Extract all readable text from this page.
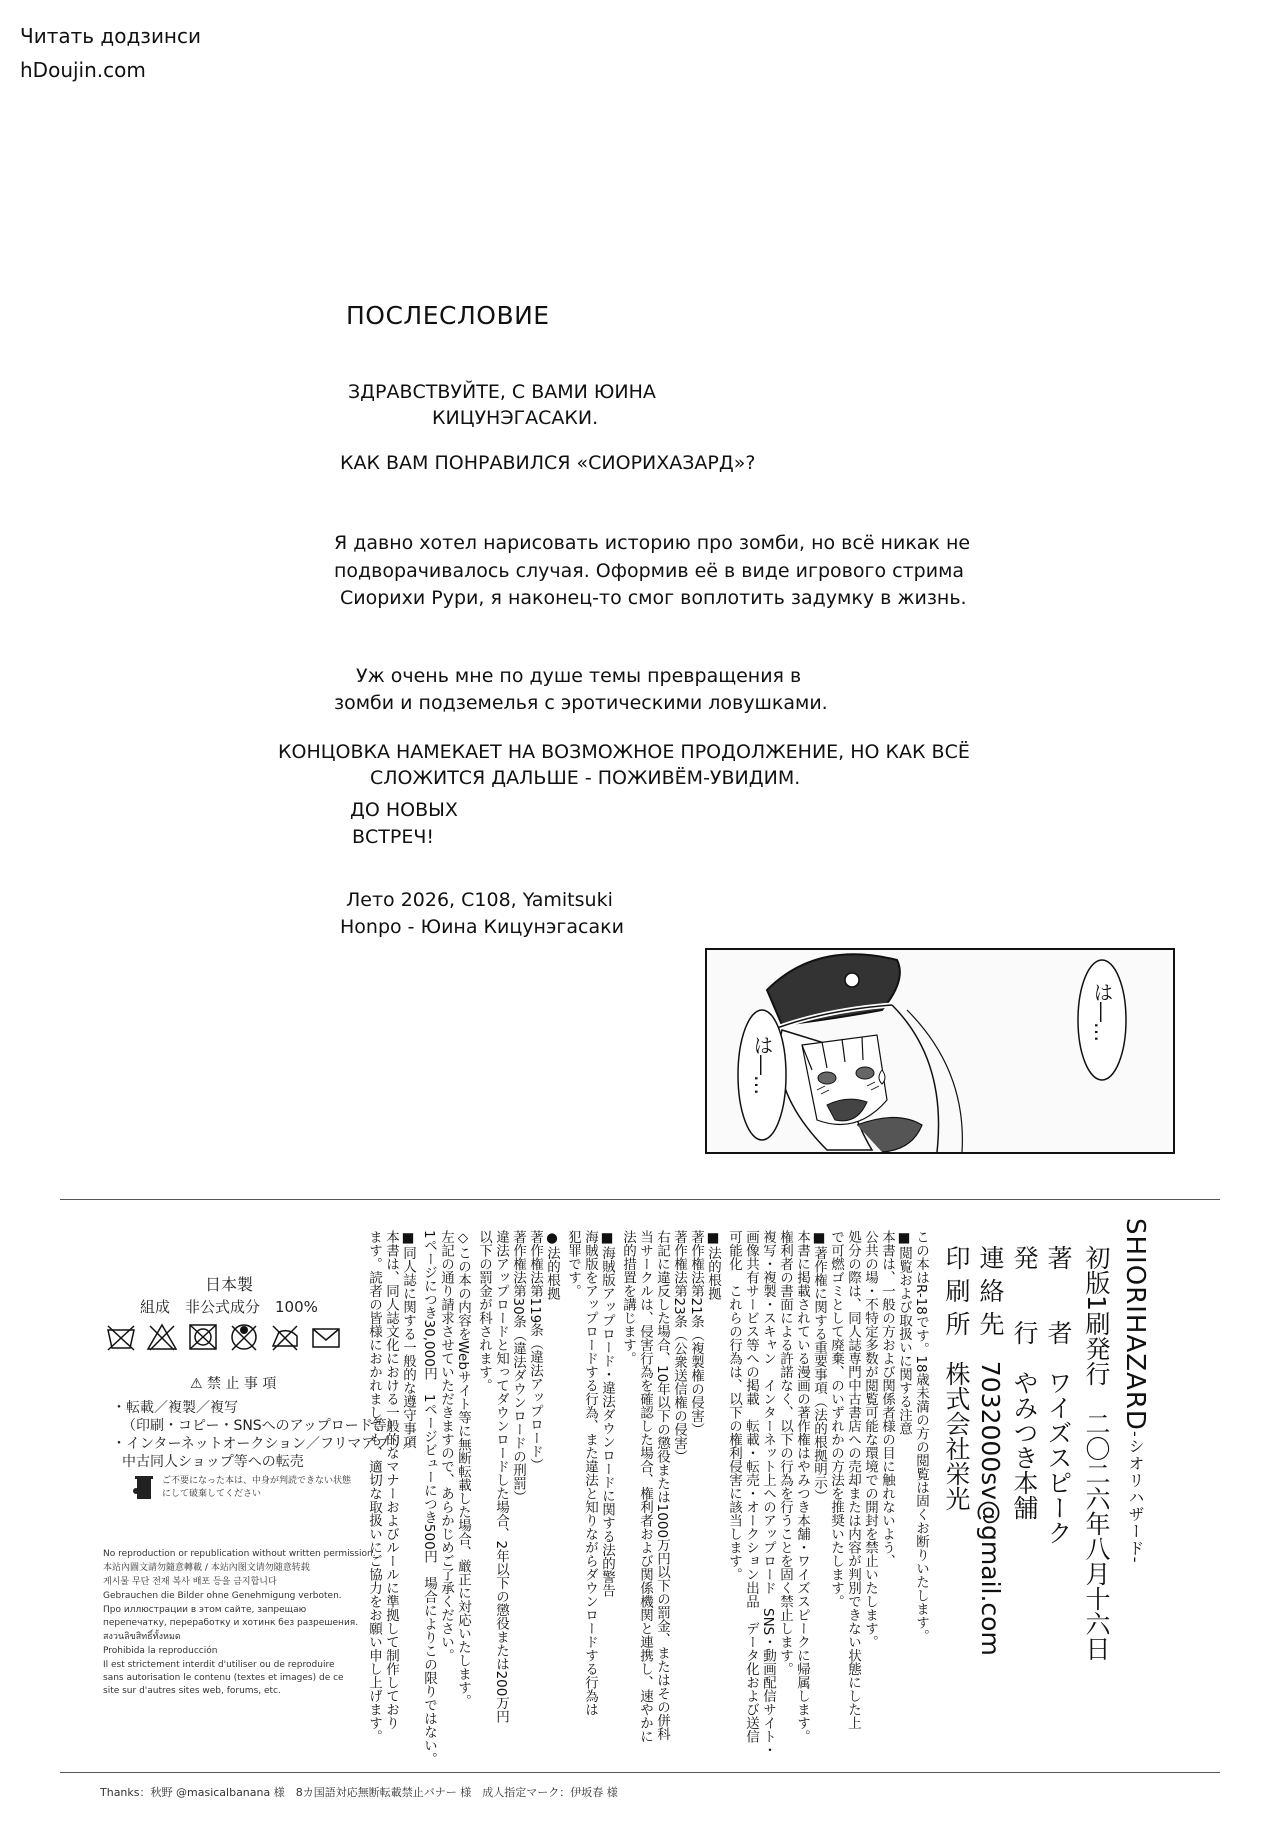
Читать додзинси
hDoujin.com
ПОСЛЕСЛОВИЕ
ЗДРАВСТВУЙТЕ, С ВАМИ ЮИНА
КИЦУНЭГАСАКИ.
КАК ВАМ ПОНРАВИЛСЯ «СИОРИХАЗАРД»?
Я давно хотел нарисовать историю про зомби, но всё никак не
подворачивалось случая. Оформив её в виде игрового стрима
Сиорихи Рури, я наконец-то смог воплотить задумку в жизнь.
Уж очень мне по душе темы превращения в
зомби и подземелья с эротическими ловушками.
КОНЦОВКА НАМЕКАЕТ НА ВОЗМОЖНОЕ ПРОДОЛЖЕНИЕ, НО КАК ВСЁ
СЛОЖИТСЯ ДАЛЬШЕ - ПОЖИВЁМ-УВИДИМ.
ДО НОВЫХ
ВСТРЕЧ!
Лето 2026, C108, Yamitsuki
Honpo - Юина Кицунэгасаки
は―…
は―…
SHIORIHAZARD-シオリハザード-
初版1刷発行　二〇二六年八月十六日
著　　者　ワイズスピーク
発　　行　やみつき本舗
連 絡 先　7032000sv@gmail.com
印 刷 所　株式会社栄光
この本はR-18です。18歳未満の方の閲覧は固くお断りいたします。
■閲覧および取扱いに関する注意
本書は、一般の方および関係者様の目に触れないよう、
公共の場・不特定多数が閲覧可能な環境での開封を禁止いたします。
処分の際は、同人誌専門中古書店への売却または内容が判別できない状態にした上
で可燃ゴミとして廃棄、のいずれかの方法を推奨いたします。
■著作権に関する重要事項（法的根拠明示）
本書に掲載されている漫画の著作権はやみつき本舗・ワイズスピークに帰属します。
権利者の書面による許諾なく、以下の行為を行うことを固く禁止します。
複写・複製・スキャン　インターネット上へのアップロード　SNS・動画配信サイト・
画像共有サービス等への掲載　転載・転売・オークション出品　データ化および送信
可能化　これらの行為は、以下の権利侵害に該当します。
■法的根拠
著作権法第21条（複製権の侵害）
著作権法第23条（公衆送信権の侵害）
右記に違反した場合、10年以下の懲役または1000万円以下の罰金、またはその併科
当サークルは、侵害行為を確認した場合、権利者および関係機関と連携し、速やかに
法的措置を講じます。
■海賊版アップロード・違法ダウンロードに関する法的警告
海賊版をアップロードする行為、また違法と知りながらダウンロードする行為は
犯罪です。
●法的根拠
著作権法第119条（違法アップロード）
著作権法第30条（違法ダウンロードの刑罰）
違法アップロードと知ってダウンロードした場合、2年以下の懲役または200万円
以下の罰金が科されます。
◇この本の内容をWebサイト等に無断転載した場合、厳正に対応いたします。
左記の通り請求させていただきますので、あらかじめご了承ください。
1ページにつき30,000円　1ページビューにつき500円　場合によりこの限りではない。
■同人誌に関する一般的な遵守事項
本書は、同人誌文化における一般的なマナーおよびルールに準拠して制作しており
ます。読者の皆様におかれましても、適切な取扱いにご協力をお願い申し上げます。
日本製
組成　非公式成分　100%
⚠ 禁 止 事 項
・転載／複製／複写
（印刷・コピー・SNSへのアップロード等）
・インターネットオークション／フリマアプリ／
中古同人ショップ等への転売
ご不要になった本は、中身が判読できない状態にして破棄してください
No reproduction or republication without written permission.
本站內圖文請勿隨意轉載 / 本站內图文请勿随意转载
게시물 무단 전재 복사 배포 등을 금지합니다
Gebrauchen die Bilder ohne Genehmigung verboten.
Про иллюстрации в этом сайте, запрещаю
перепечатку, переработку и хотинк без разрешения.
สงวนลิขสิทธิ์ทั้งหมด
Prohibida la reproducción
Il est strictement interdit d'utiliser ou de reproduire
sans autorisation le contenu (textes et images) de ce
site sur d'autres sites web, forums, etc.
Thanks：秋野 @masicalbanana 様　8カ国語対応無断転載禁止バナー 様　成人指定マーク：伊坂春 様
